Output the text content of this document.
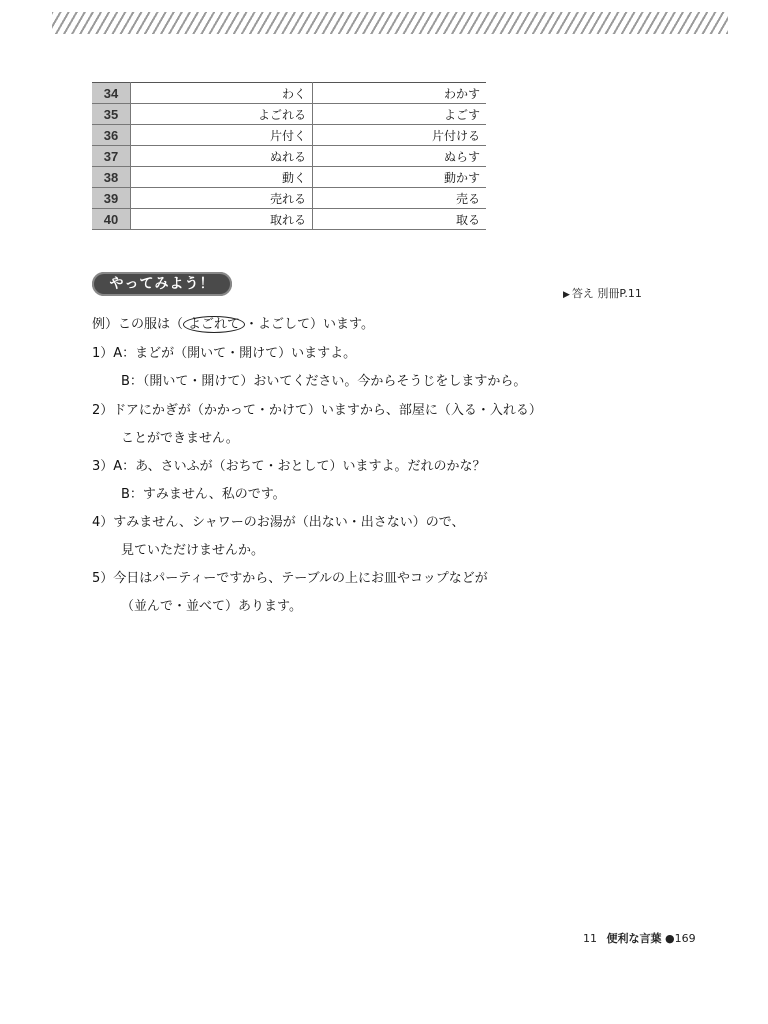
34	わく	わかす
35	よごれる	よごす
36	片付く	片付ける
37	ぬれる	ぬらす
38	動く	動かす
39	売れる	売る
40	取れる	取る
やってみよう！
▶ 答え 別冊P.11
例）この服は（ よごれて ・よごして）います。
1）A：まどが（開いて・開けて）いますよ。
B：（開いて・開けて）おいてください。今からそうじをしますから。
2）ドアにかぎが（かかって・かけて）いますから、部屋に（入る・入れる）
ことができません。
3）A：あ、さいふが（おちて・おとして）いますよ。だれのかな？
B：すみません、私のです。
4）すみません、シャワーのお湯が（出ない・出さない）ので、
見ていただけませんか。
5）今日はパーティーですから、テーブルの上にお皿やコップなどが
（並んで・並べて）あります。
11 便利な言葉 ●169
